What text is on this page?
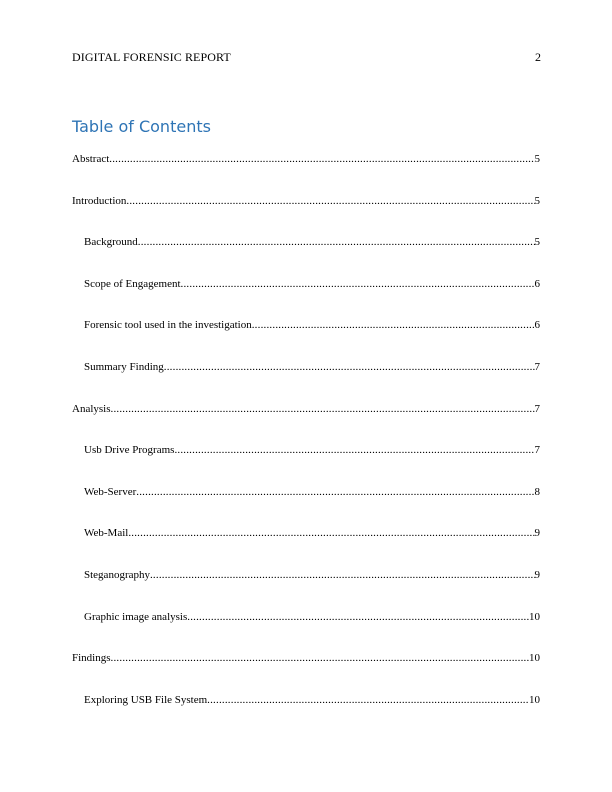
DIGITAL FORENSIC REPORT	2
Table of Contents
Abstract .....	5
Introduction .....	5
Background .....	5
Scope of Engagement .....	6
Forensic tool used in the investigation .....	6
Summary Finding .....	7
Analysis .....	7
Usb Drive Programs .....	7
Web-Server .....	8
Web-Mail .....	9
Steganography .....	9
Graphic image analysis .....	10
Findings .....	10
Exploring USB File System .....	10
